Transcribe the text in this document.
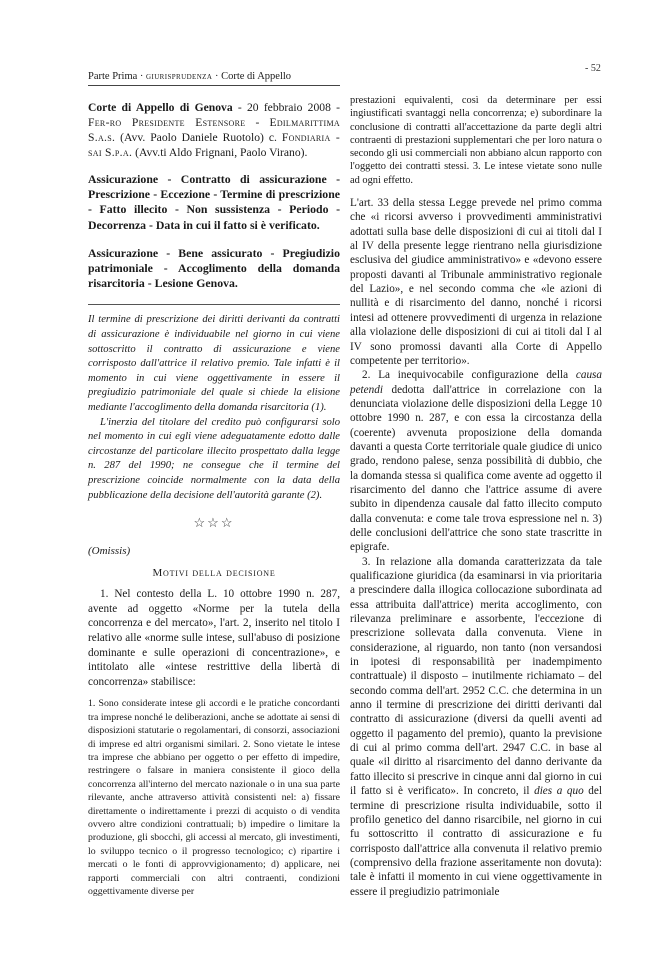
Parte Prima · giurisprudenza · Corte di Appello
- 52

Corte di Appello di Genova - 20 febbraio 2008 - Fer-ro Presidente Estensore - Edilmarittima S.a.s. (Avv. Paolo Daniele Ruotolo) c. Fondiaria - sai S.p.a. (Avv.ti Aldo Frignani, Paolo Virano).

Assicurazione - Contratto di assicurazione - Prescrizione - Eccezione - Termine di prescrizione - Fatto illecito - Non sussistenza - Periodo - Decorrenza - Data in cui il fatto si è verificato.

Assicurazione - Bene assicurato - Pregiudizio patrimoniale - Accoglimento della domanda risarcitoria - Lesione Genova.

Il termine di prescrizione dei diritti derivanti da contratti di assicurazione è individuabile nel giorno in cui viene sottoscritto il contratto di assicurazione e viene corrisposto dall'attrice il relativo premio. Tale infatti è il momento in cui viene oggettivamente in essere il pregiudizio patrimoniale del quale si chiede la elisione mediante l'accoglimento della domanda risarcitoria (1).

L'inerzia del titolare del credito può configurarsi solo nel momento in cui egli viene adeguatamente edotto dalle circostanze del particolare illecito prospettato dalla legge n. 287 del 1990; ne consegue che il termine del prescrizione coincide normalmente con la data della pubblicazione della decisione dell'autorità garante (2).

☆☆☆

(Omissis)

Motivi della decisione

1. Nel contesto della L. 10 ottobre 1990 n. 287, avente ad oggetto «Norme per la tutela della concorrenza e del mercato», l'art. 2, inserito nel titolo I relativo alle «norme sulle intese, sull'abuso di posizione dominante e sulle operazioni di concentrazione», e intitolato alle «intese restrittive della libertà di concorrenza» stabilisce:

1. Sono considerate intese gli accordi e le pratiche concordanti tra imprese nonché le deliberazioni, anche se adottate ai sensi di disposizioni statutarie o regolamentari, di consorzi, associazioni di imprese ed altri organismi similari. 2. Sono vietate le intese tra imprese che abbiano per oggetto o per effetto di impedire, restringere o falsare in maniera consistente il gioco della concorrenza all'interno del mercato nazionale o in una sua parte rilevante, anche attraverso attività consistenti nel: a) fissare direttamente o indirettamente i prezzi di acquisto o di vendita ovvero altre condizioni contrattuali; b) impedire o limitare la produzione, gli sbocchi, gli accessi al mercato, gli investimenti, lo sviluppo tecnico o il progresso tecnologico; c) ripartire i mercati o le fonti di approvvigionamento; d) applicare, nei rapporti commerciali con altri contraenti, condizioni oggettivamente diverse per

prestazioni equivalenti, così da determinare per essi ingiustificati svantaggi nella concorrenza; e) subordinare la conclusione di contratti all'accettazione da parte degli altri contraenti di prestazioni supplementari che per loro natura o secondo gli usi commerciali non abbiano alcun rapporto con l'oggetto dei contratti stessi. 3. Le intese vietate sono nulle ad ogni effetto.

L'art. 33 della stessa Legge prevede nel primo comma che «i ricorsi avverso i provvedimenti amministrativi adottati sulla base delle disposizioni di cui ai titoli dal I al IV della presente legge rientrano nella giurisdizione esclusiva del giudice amministrativo» e «devono essere proposti davanti al Tribunale amministrativo regionale del Lazio», e nel secondo comma che «le azioni di nullità e di risarcimento del danno, nonché i ricorsi intesi ad ottenere provvedimenti di urgenza in relazione alla violazione delle disposizioni di cui ai titoli dal I al IV sono promossi davanti alla Corte di Appello competente per territorio».

2. La inequivocabile configurazione della causa petendi dedotta dall'attrice in correlazione con la denunciata violazione delle disposizioni della Legge 10 ottobre 1990 n. 287, e con essa la circostanza della (coerente) avvenuta proposizione della domanda davanti a questa Corte territoriale quale giudice di unico grado, rendono palese, senza possibilità di dubbio, che la domanda stessa si qualifica come avente ad oggetto il risarcimento del danno che l'attrice assume di avere subito in dipendenza causale dal fatto illecito computo dalla convenuta: e come tale trova espressione nel n. 3) delle conclusioni dell'attrice che sono state trascritte in epigrafe.

3. In relazione alla domanda caratterizzata da tale qualificazione giuridica (da esaminarsi in via prioritaria a prescindere dalla illogica collocazione subordinata ad essa attribuita dall'attrice) merita accoglimento, con rilevanza preliminare e assorbente, l'eccezione di prescrizione sollevata dalla convenuta. Viene in considerazione, al riguardo, non tanto (non versandosi in ipotesi di responsabilità per inadempimento contrattuale) il disposto – inutilmente richiamato – del secondo comma dell'art. 2952 C.C. che determina in un anno il termine di prescrizione dei diritti derivanti dal contratto di assicurazione (diversi da quelli aventi ad oggetto il pagamento del premio), quanto la previsione di cui al primo comma dell'art. 2947 C.C. in base al quale «il diritto al risarcimento del danno derivante da fatto illecito si prescrive in cinque anni dal giorno in cui il fatto si è verificato». In concreto, il dies a quo del termine di prescrizione risulta individuabile, sotto il profilo genetico del danno risarcibile, nel giorno in cui fu sottoscritto il contratto di assicurazione e fu corrisposto dall'attrice alla convenuta il relativo premio (comprensivo della frazione asseritamente non dovuta): tale è infatti il momento in cui viene oggettivamente in essere il pregiudizio patrimoniale
